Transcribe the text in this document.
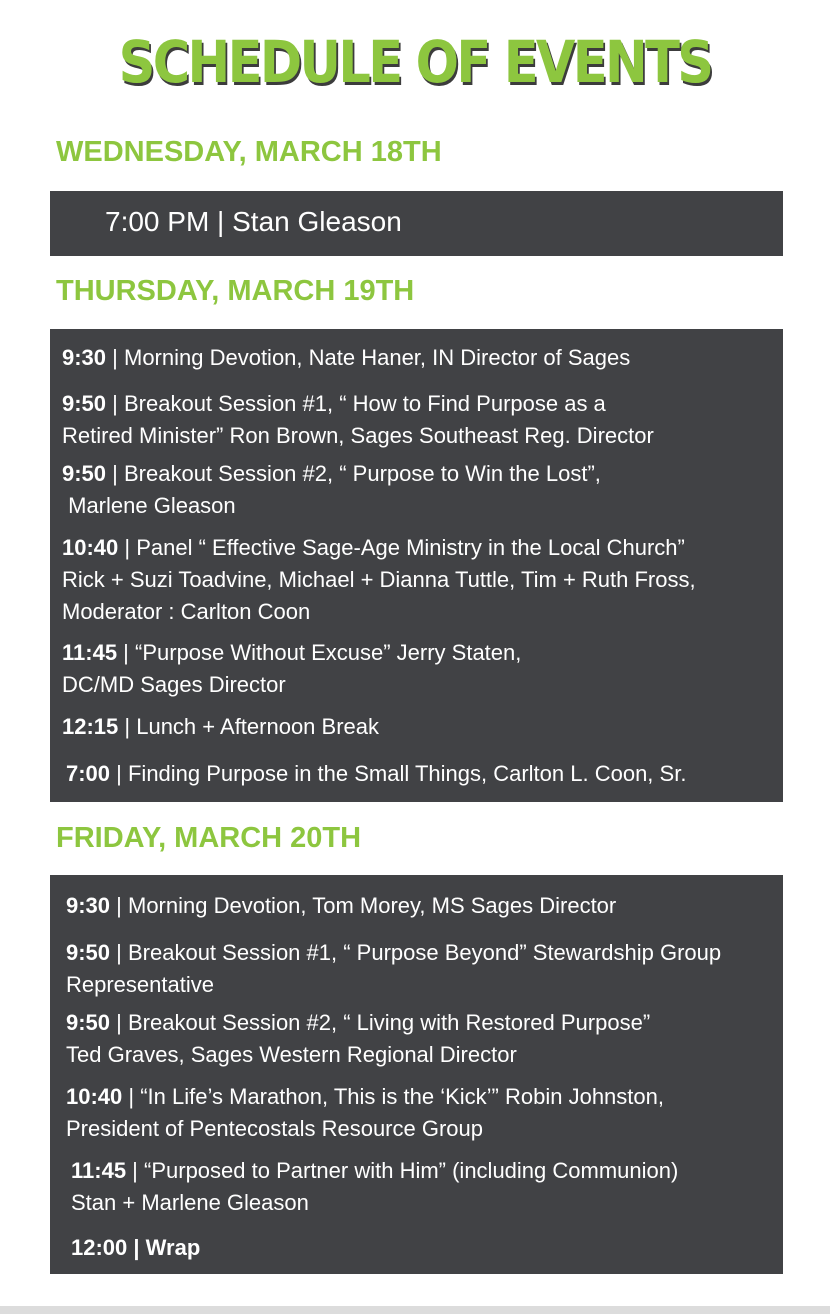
SCHEDULE OF EVENTS
WEDNESDAY, MARCH 18TH
7:00 PM | Stan Gleason
THURSDAY, MARCH 19TH
9:30 | Morning Devotion, Nate Haner, IN Director of Sages
9:50 | Breakout Session #1, “ How to Find Purpose as a
Retired Minister” Ron Brown, Sages Southeast Reg. Director
9:50 | Breakout Session #2, “ Purpose to Win the Lost”,
Marlene Gleason
10:40 | Panel “ Effective Sage-Age Ministry in the Local Church”
Rick + Suzi Toadvine, Michael + Dianna Tuttle, Tim + Ruth Fross,
Moderator : Carlton Coon
11:45 | “Purpose Without Excuse” Jerry Staten,
DC/MD Sages Director
12:15 | Lunch + Afternoon Break
7:00 | Finding Purpose in the Small Things, Carlton L. Coon, Sr.
FRIDAY, MARCH 20TH
9:30 | Morning Devotion, Tom Morey, MS Sages Director
9:50 | Breakout Session #1, “ Purpose Beyond” Stewardship Group
Representative
9:50 | Breakout Session #2, “ Living with Restored Purpose”
Ted Graves, Sages Western Regional Director
10:40 | “In Life’s Marathon, This is the ‘Kick’” Robin Johnston,
President of Pentecostals Resource Group
11:45 | “Purposed to Partner with Him” (including Communion)
Stan + Marlene Gleason
12:00 | Wrap
